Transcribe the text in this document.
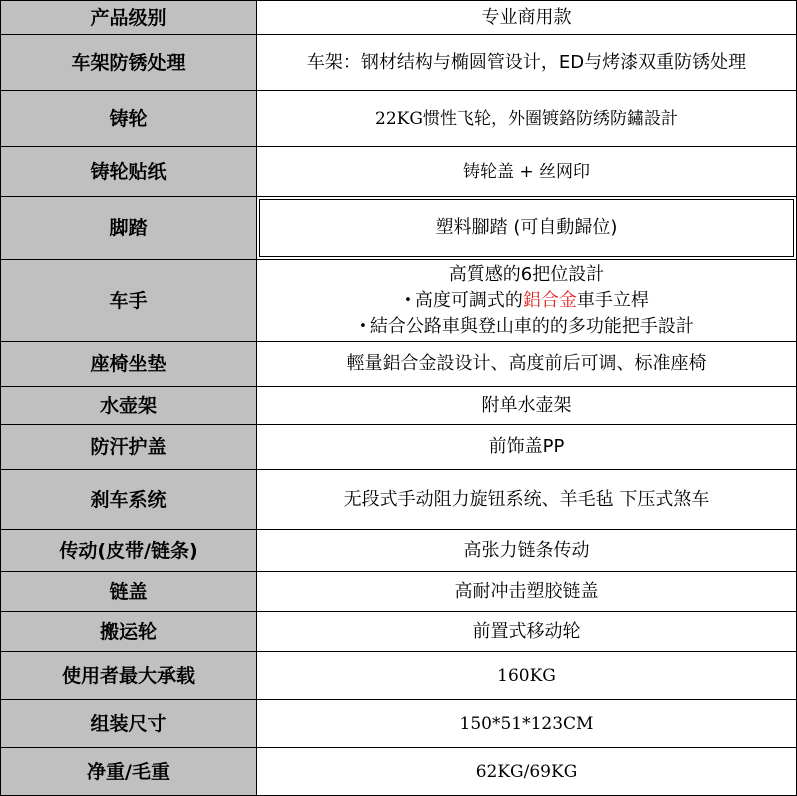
产品级别	专业商用款
车架防锈处理	车架：钢材结构与椭圆管设计，ED与烤漆双重防锈处理
铸轮	22KG惯性飞轮，外圈镀鉻防绣防鏽設計
铸轮贴纸	铸轮盖 + 丝网印
脚踏	塑料腳踏 (可自動歸位)
车手	高質感的6把位設計
• 高度可調式的鋁合金車手立桿
• 結合公路車與登山車的的多功能把手設計

座椅坐垫	輕量鋁合金設设计、高度前后可调、标准座椅
水壶架	附单水壶架
防汗护盖	前饰盖PP
刹车系统	无段式手动阻力旋钮系统、羊毛毡 下压式煞车
传动(皮带/链条)	高张力链条传动
链盖	高耐冲击塑胶链盖
搬运轮	前置式移动轮
使用者最大承载	160KG
组装尺寸	150*51*123CM
净重/毛重	62KG/69KG
